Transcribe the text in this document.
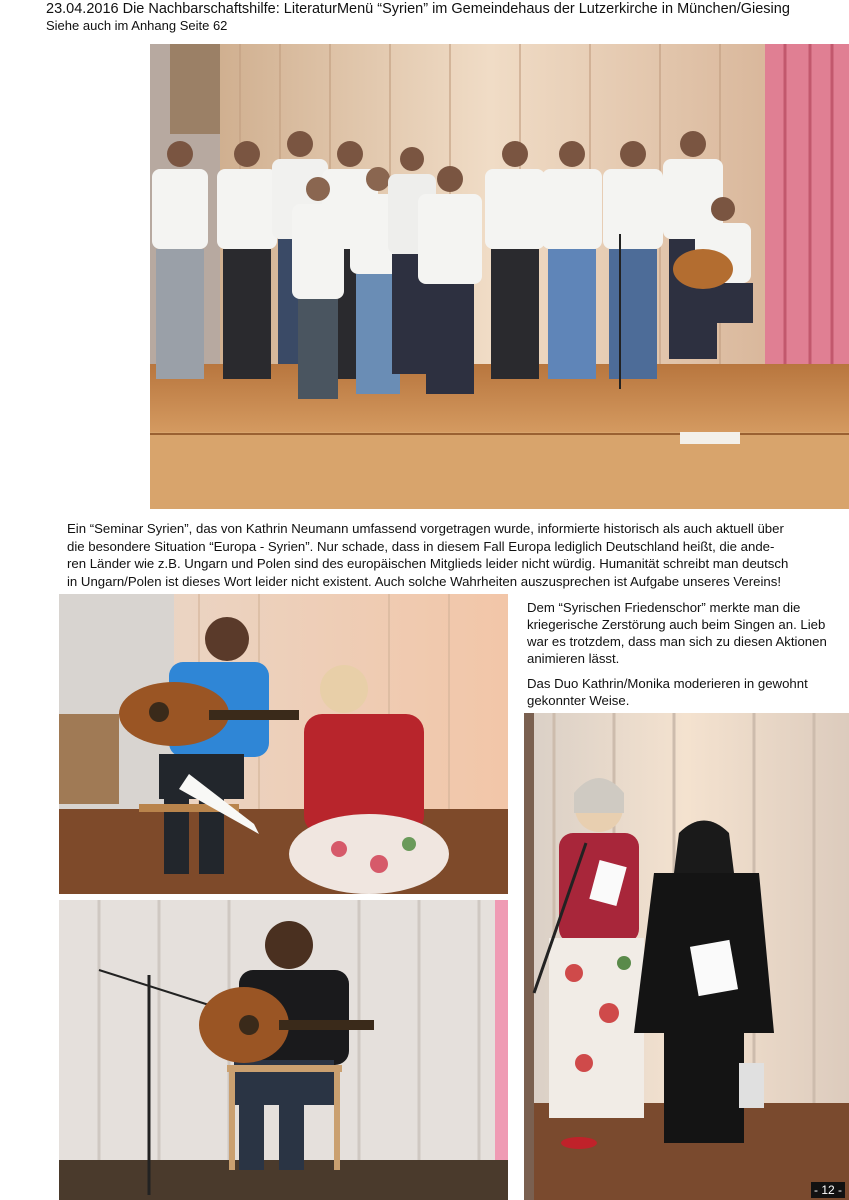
23.04.2016 Die Nachbarschaftshilfe: LiteraturMenü “Syrien” im Gemeindehaus der Lutzerkirche in München/Giesing
Siehe auch im Anhang Seite 62

Ein “Seminar Syrien”, das von Kathrin Neumann umfassend vorgetragen wurde, informierte historisch als auch aktuell über

die besondere Situation “Europa - Syrien”. Nur schade, dass in diesem Fall Europa lediglich Deutschland heißt, die ande-

ren Länder wie z.B. Ungarn und Polen sind des europäischen Mitglieds leider nicht würdig. Humanität schreibt man deutsch

in Ungarn/Polen ist dieses Wort leider nicht existent. Auch solche Wahrheiten auszusprechen ist Aufgabe unseres Vereins!

Dem “Syrischen Friedenschor” merkte man die kriegerische Zerstörung auch beim Singen an. Lieb war es trotzdem, dass man sich zu diesen Aktionen animieren lässt.

Das Duo Kathrin/Monika moderieren in gewohnt gekonnter Weise.

- 12 -
